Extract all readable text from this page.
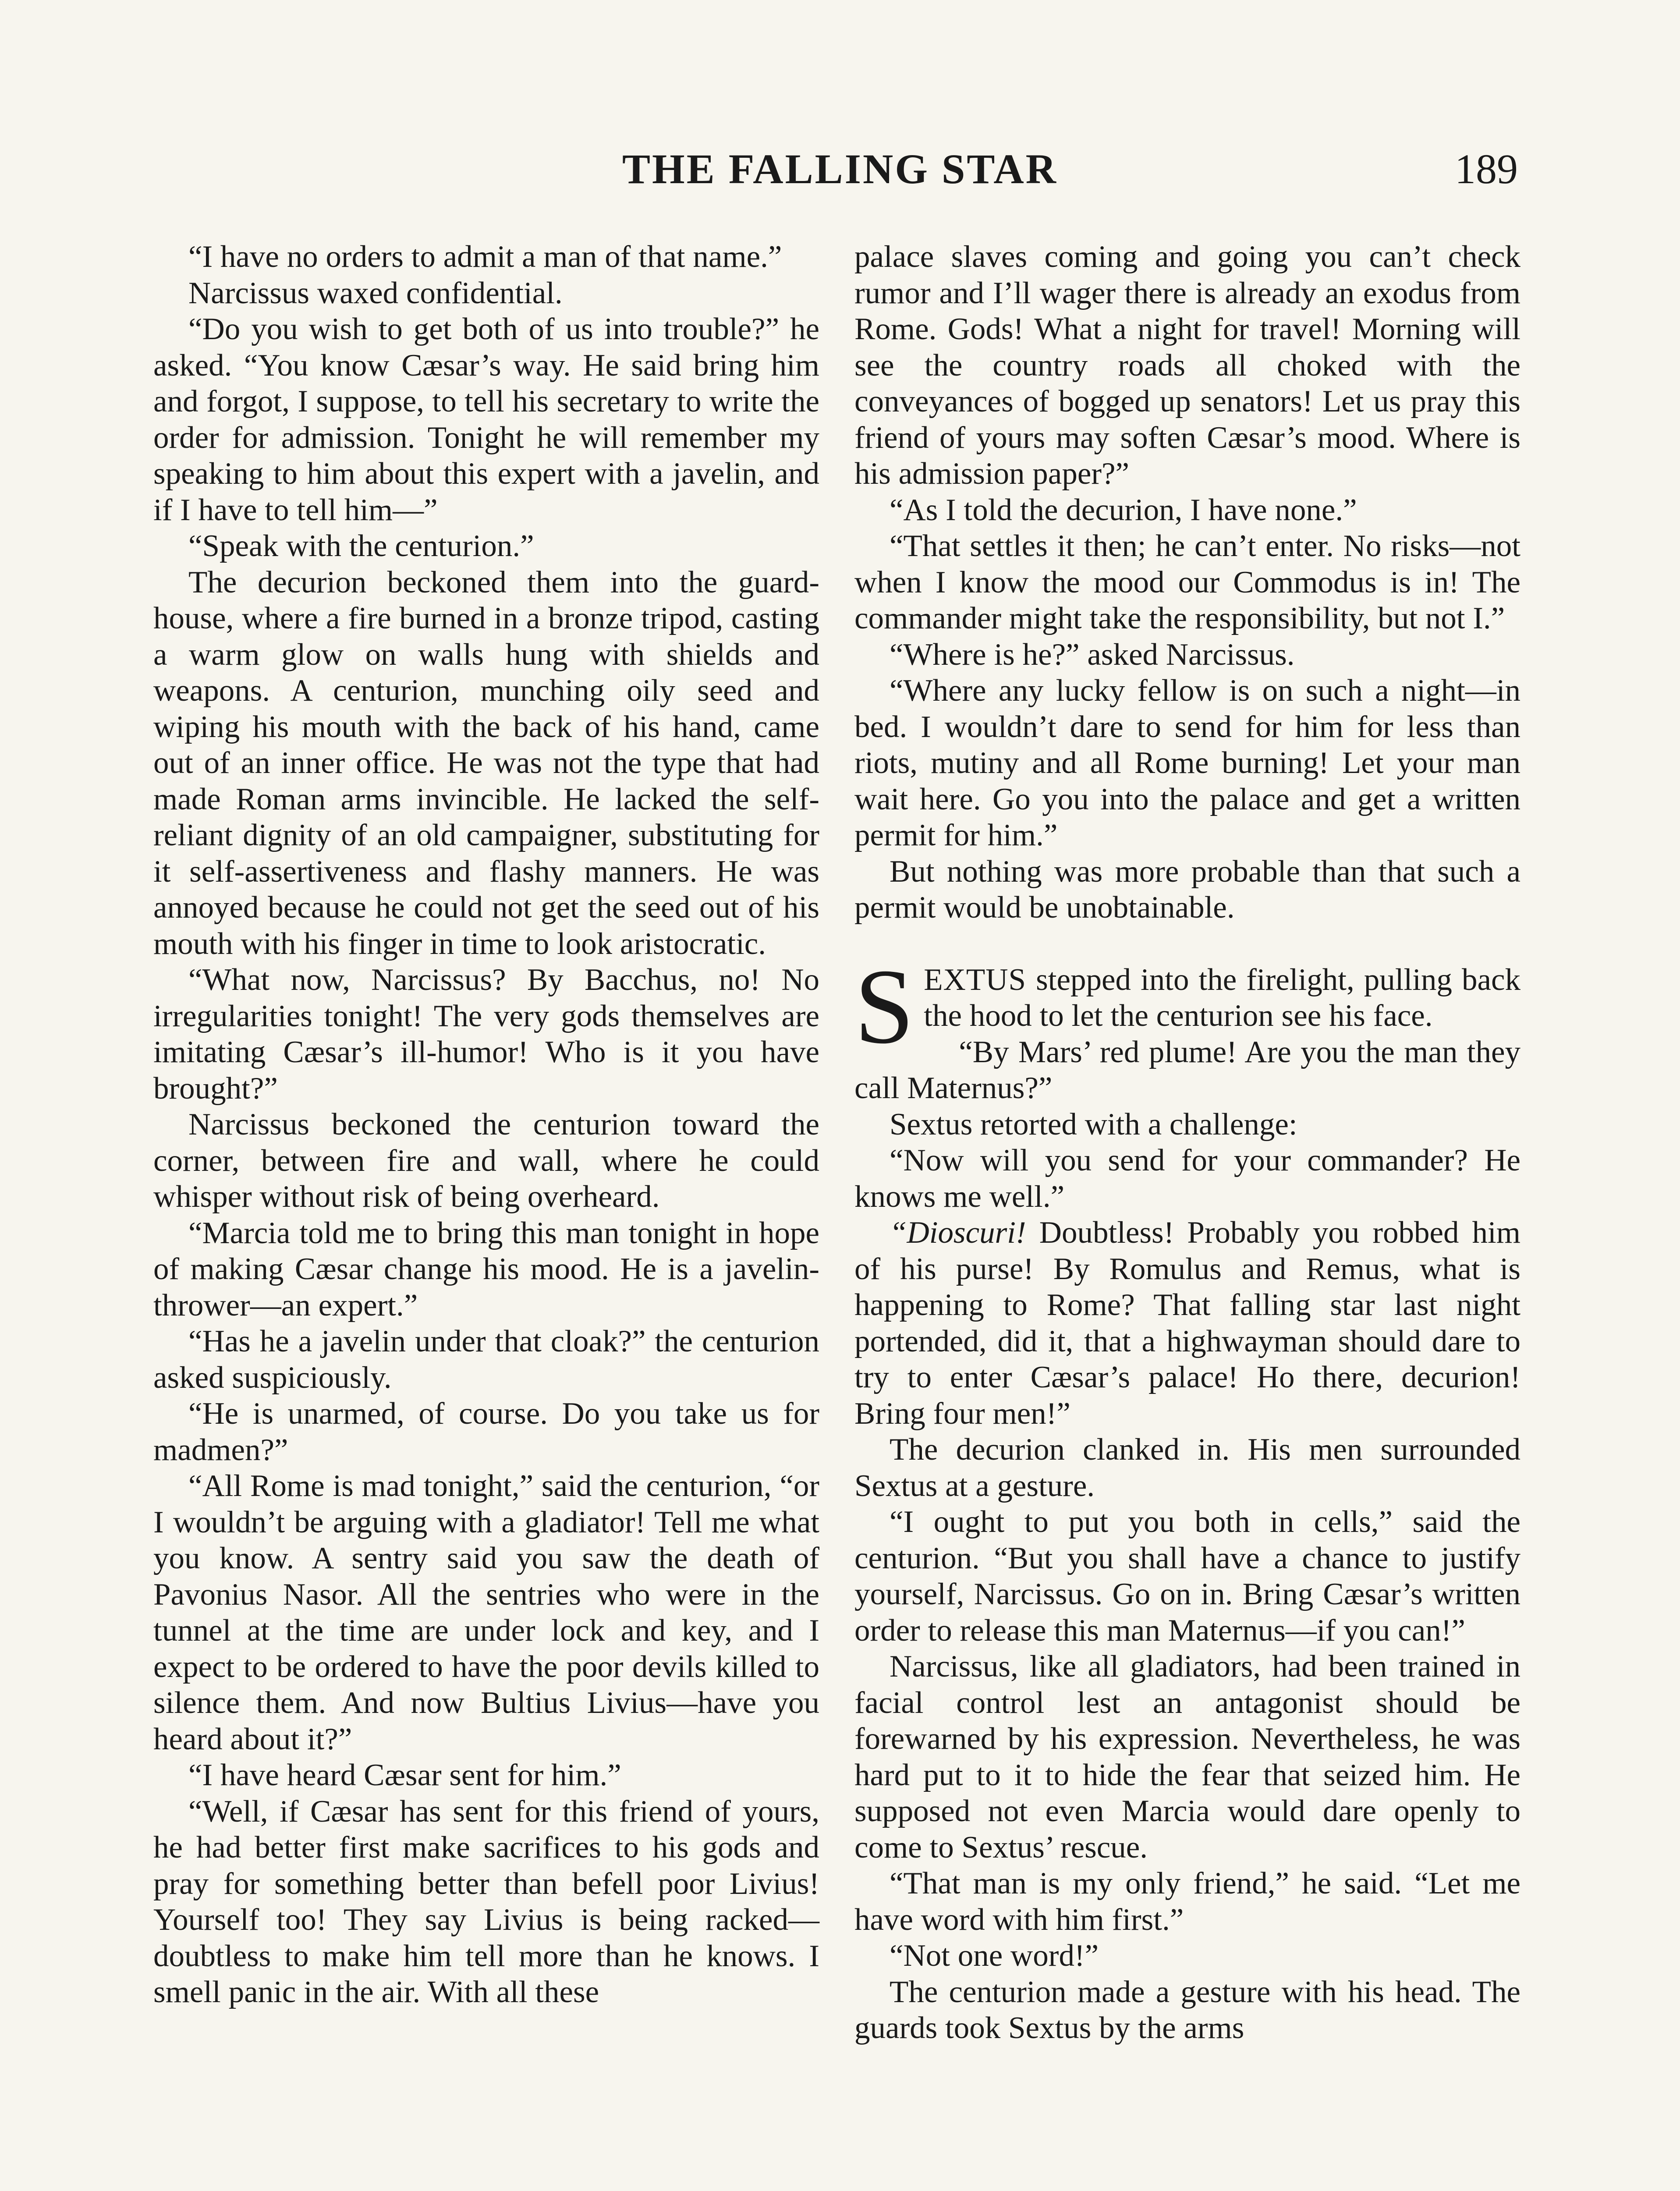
THE FALLING STAR	189

“I have no orders to admit a man of that name.”

Narcissus waxed confidential.

“Do you wish to get both of us into trouble?” he asked. “You know Cæsar’s way. He said bring him and forgot, I suppose, to tell his secretary to write the order for admission. Tonight he will remember my speaking to him about this expert with a javelin, and if I have to tell him—”

“Speak with the centurion.”

The decurion beckoned them into the guard-house, where a fire burned in a bronze tripod, casting a warm glow on walls hung with shields and weapons. A centurion, munching oily seed and wiping his mouth with the back of his hand, came out of an inner office. He was not the type that had made Roman arms invincible. He lacked the self-reliant dignity of an old campaigner, substituting for it self-assertiveness and flashy manners. He was annoyed because he could not get the seed out of his mouth with his finger in time to look aristocratic.

“What now, Narcissus? By Bacchus, no! No irregularities tonight! The very gods themselves are imitating Cæsar’s ill-humor! Who is it you have brought?”

Narcissus beckoned the centurion toward the corner, between fire and wall, where he could whisper without risk of being overheard.

“Marcia told me to bring this man tonight in hope of making Cæsar change his mood. He is a javelin-thrower—an expert.”

“Has he a javelin under that cloak?” the centurion asked suspiciously.

“He is unarmed, of course. Do you take us for madmen?”

“All Rome is mad tonight,” said the centurion, “or I wouldn’t be arguing with a gladiator! Tell me what you know. A sentry said you saw the death of Pavonius Nasor. All the sentries who were in the tunnel at the time are under lock and key, and I expect to be ordered to have the poor devils killed to silence them. And now Bultius Livius—have you heard about it?”

“I have heard Cæsar sent for him.”

“Well, if Cæsar has sent for this friend of yours, he had better first make sacrifices to his gods and pray for something better than befell poor Livius! Yourself too! They say Livius is being racked—doubtless to make him tell more than he knows. I smell panic in the air. With all these

palace slaves coming and going you can’t check rumor and I’ll wager there is already an exodus from Rome. Gods! What a night for travel! Morning will see the country roads all choked with the conveyances of bogged up senators! Let us pray this friend of yours may soften Cæsar’s mood. Where is his admission paper?”

“As I told the decurion, I have none.”

“That settles it then; he can’t enter. No risks—not when I know the mood our Commodus is in! The commander might take the responsibility, but not I.”

“Where is he?” asked Narcissus.

“Where any lucky fellow is on such a night—in bed. I wouldn’t dare to send for him for less than riots, mutiny and all Rome burning! Let your man wait here. Go you into the palace and get a written permit for him.”

But nothing was more probable than that such a permit would be unobtainable.

SEXTUS stepped into the firelight, pulling back the hood to let the centurion see his face.

“By Mars’ red plume! Are you the man they call Maternus?”

Sextus retorted with a challenge:

“Now will you send for your commander? He knows me well.”

“Dioscuri! Doubtless! Probably you robbed him of his purse! By Romulus and Remus, what is happening to Rome? That falling star last night portended, did it, that a highwayman should dare to try to enter Cæsar’s palace! Ho there, decurion! Bring four men!”

The decurion clanked in. His men surrounded Sextus at a gesture.

“I ought to put you both in cells,” said the centurion. “But you shall have a chance to justify yourself, Narcissus. Go on in. Bring Cæsar’s written order to release this man Maternus—if you can!”

Narcissus, like all gladiators, had been trained in facial control lest an antagonist should be forewarned by his expression. Nevertheless, he was hard put to it to hide the fear that seized him. He supposed not even Marcia would dare openly to come to Sextus’ rescue.

“That man is my only friend,” he said. “Let me have word with him first.”

“Not one word!”

The centurion made a gesture with his head. The guards took Sextus by the arms
